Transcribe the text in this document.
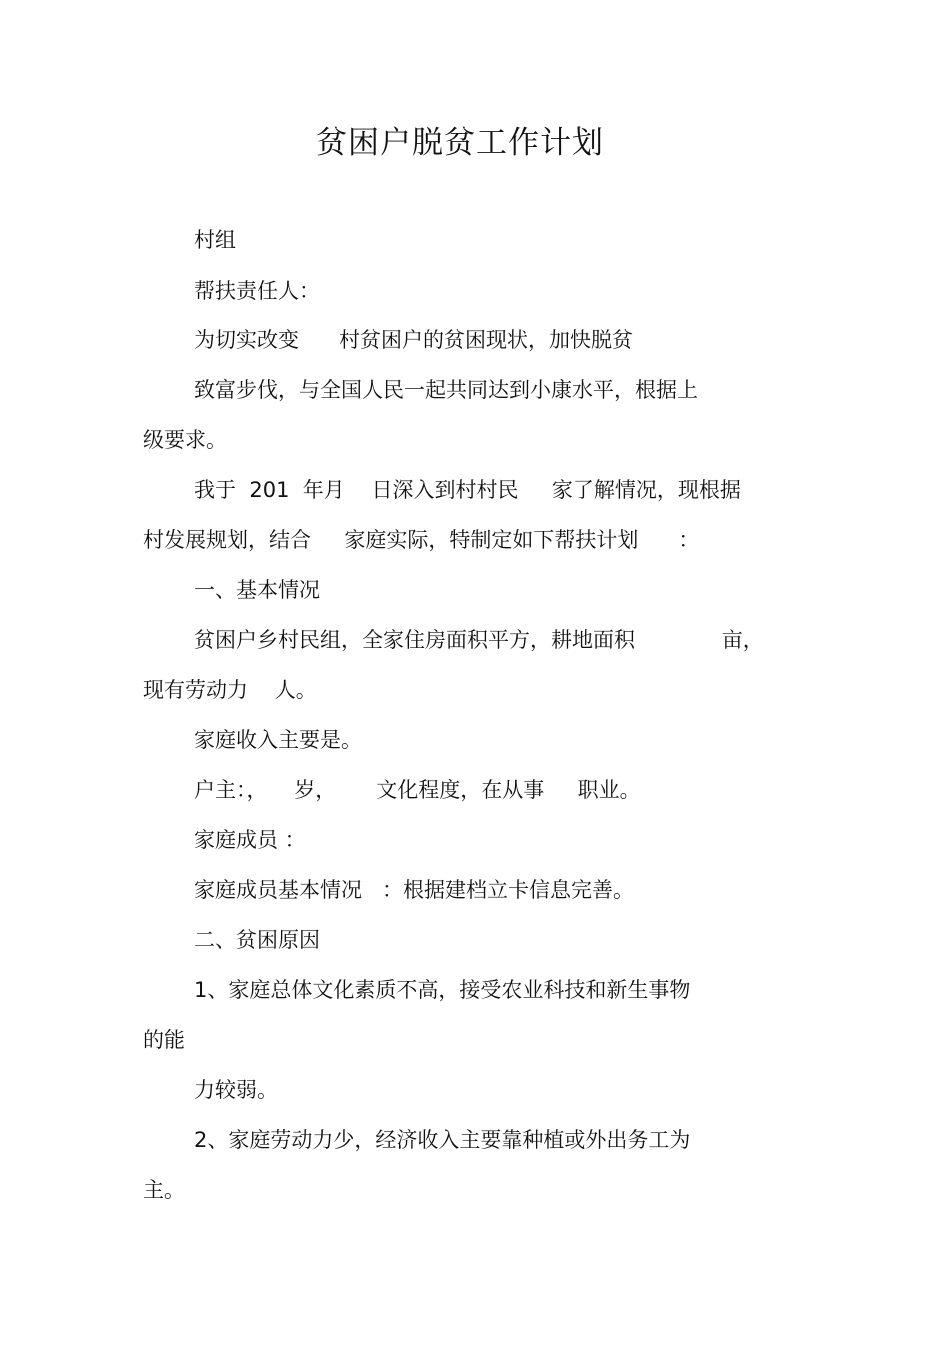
贫困户脱贫工作计划
村组
帮扶责任人：
为切实改变      村贫困户的贫困现状，加快脱贫
致富步伐，与全国人民一起共同达到小康水平，根据上
级要求。
我于  201  年月    日深入到村村民     家了解情况，现根据
村发展规划，结合     家庭实际，特制定如下帮扶计划      ：
一、基本情况
贫困户乡村民组，全家住房面积平方，耕地面积             亩，
现有劳动力    人。
家庭收入主要是。
户主：，    岁，      文化程度，在从事     职业。
家庭成员 ：
家庭成员基本情况   ：根据建档立卡信息完善。
二、贫困原因
1、家庭总体文化素质不高，接受农业科技和新生事物
的能
力较弱。
2、家庭劳动力少，经济收入主要靠种植或外出务工为
主。
